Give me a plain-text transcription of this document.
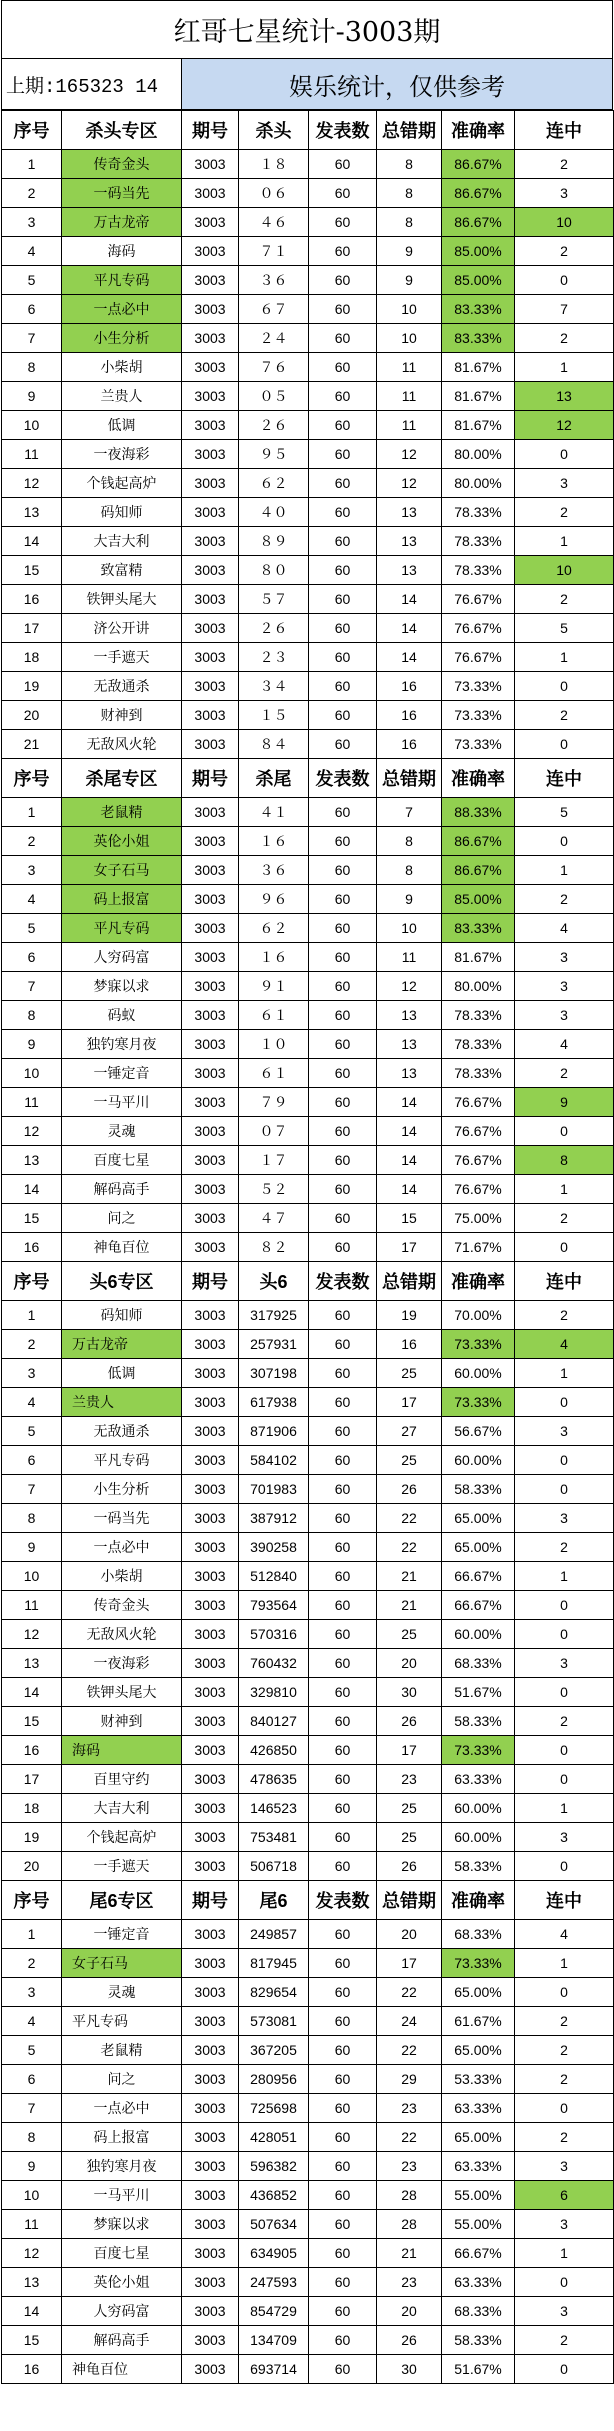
红哥七星统计-3003期
上期:165323 14	娱乐统计，仅供参考
序号	杀头专区	期号	杀头	发表数	总错期	准确率	连中
1	传奇金头	3003	１８	60	8	86.67%	2
2	一码当先	3003	０６	60	8	86.67%	3
3	万古龙帝	3003	４６	60	8	86.67%	10
4	海码	3003	７１	60	9	85.00%	2
5	平凡专码	3003	３６	60	9	85.00%	0
6	一点必中	3003	６７	60	10	83.33%	7
7	小生分析	3003	２４	60	10	83.33%	2
8	小柴胡	3003	７６	60	11	81.67%	1
9	兰贵人	3003	０５	60	11	81.67%	13
10	低调	3003	２６	60	11	81.67%	12
11	一夜海彩	3003	９５	60	12	80.00%	0
12	个钱起高炉	3003	６２	60	12	80.00%	3
13	码知师	3003	４０	60	13	78.33%	2
14	大吉大利	3003	８９	60	13	78.33%	1
15	致富精	3003	８０	60	13	78.33%	10
16	铁钾头尾大	3003	５７	60	14	76.67%	2
17	济公开讲	3003	２６	60	14	76.67%	5
18	一手遮天	3003	２３	60	14	76.67%	1
19	无敌通杀	3003	３４	60	16	73.33%	0
20	财神到	3003	１５	60	16	73.33%	2
21	无敌风火轮	3003	８４	60	16	73.33%	0
序号	杀尾专区	期号	杀尾	发表数	总错期	准确率	连中
1	老鼠精	3003	４１	60	7	88.33%	5
2	英伦小姐	3003	１６	60	8	86.67%	0
3	女子石马	3003	３６	60	8	86.67%	1
4	码上报富	3003	９６	60	9	85.00%	2
5	平凡专码	3003	６２	60	10	83.33%	4
6	人穷码富	3003	１６	60	11	81.67%	3
7	梦寐以求	3003	９１	60	12	80.00%	3
8	码蚁	3003	６１	60	13	78.33%	3
9	独钓寒月夜	3003	１０	60	13	78.33%	4
10	一锤定音	3003	６１	60	13	78.33%	2
11	一马平川	3003	７９	60	14	76.67%	9
12	灵魂	3003	０７	60	14	76.67%	0
13	百度七星	3003	１７	60	14	76.67%	8
14	解码高手	3003	５２	60	14	76.67%	1
15	问之	3003	４７	60	15	75.00%	2
16	神龟百位	3003	８２	60	17	71.67%	0
序号	头6专区	期号	头6	发表数	总错期	准确率	连中
1	码知师	3003	317925	60	19	70.00%	2
2	万古龙帝	3003	257931	60	16	73.33%	4
3	低调	3003	307198	60	25	60.00%	1
4	兰贵人	3003	617938	60	17	73.33%	0
5	无敌通杀	3003	871906	60	27	56.67%	3
6	平凡专码	3003	584102	60	25	60.00%	0
7	小生分析	3003	701983	60	26	58.33%	0
8	一码当先	3003	387912	60	22	65.00%	3
9	一点必中	3003	390258	60	22	65.00%	2
10	小柴胡	3003	512840	60	21	66.67%	1
11	传奇金头	3003	793564	60	21	66.67%	0
12	无敌风火轮	3003	570316	60	25	60.00%	0
13	一夜海彩	3003	760432	60	20	68.33%	3
14	铁钾头尾大	3003	329810	60	30	51.67%	0
15	财神到	3003	840127	60	26	58.33%	2
16	海码	3003	426850	60	17	73.33%	0
17	百里守约	3003	478635	60	23	63.33%	0
18	大吉大利	3003	146523	60	25	60.00%	1
19	个钱起高炉	3003	753481	60	25	60.00%	3
20	一手遮天	3003	506718	60	26	58.33%	0
序号	尾6专区	期号	尾6	发表数	总错期	准确率	连中
1	一锤定音	3003	249857	60	20	68.33%	4
2	女子石马	3003	817945	60	17	73.33%	1
3	灵魂	3003	829654	60	22	65.00%	0
4	平凡专码	3003	573081	60	24	61.67%	2
5	老鼠精	3003	367205	60	22	65.00%	2
6	问之	3003	280956	60	29	53.33%	2
7	一点必中	3003	725698	60	23	63.33%	0
8	码上报富	3003	428051	60	22	65.00%	2
9	独钓寒月夜	3003	596382	60	23	63.33%	3
10	一马平川	3003	436852	60	28	55.00%	6
11	梦寐以求	3003	507634	60	28	55.00%	3
12	百度七星	3003	634905	60	21	66.67%	1
13	英伦小姐	3003	247593	60	23	63.33%	0
14	人穷码富	3003	854729	60	20	68.33%	3
15	解码高手	3003	134709	60	26	58.33%	2
16	神龟百位	3003	693714	60	30	51.67%	0
